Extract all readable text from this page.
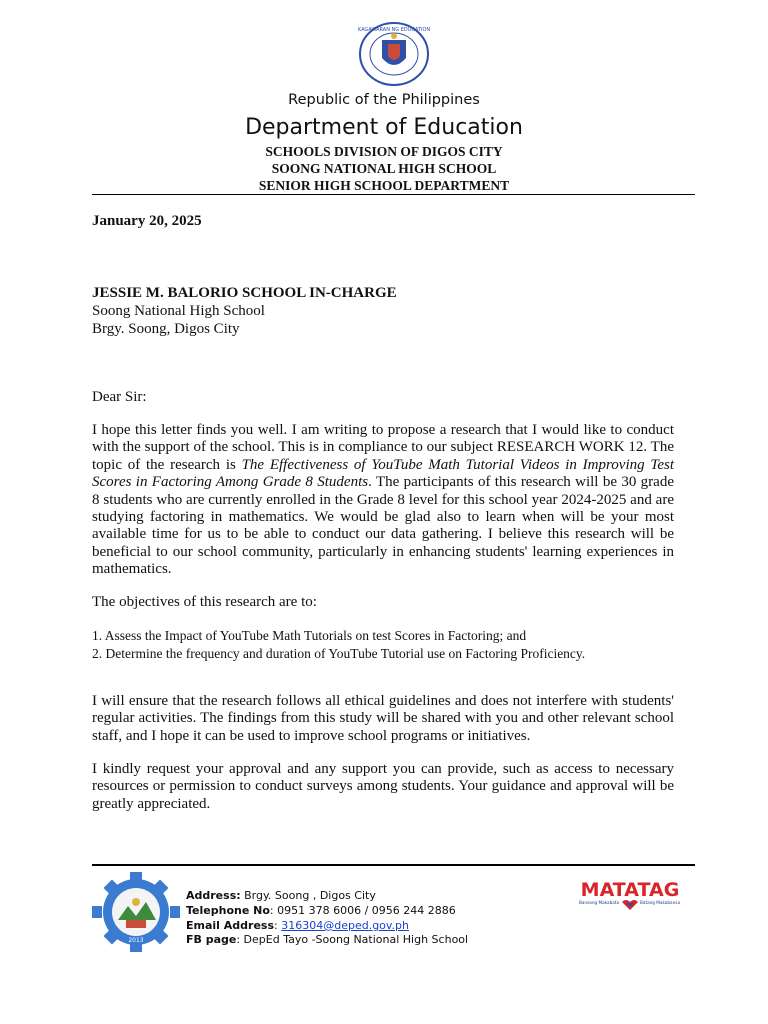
KAGAWARAN NG EDUCATION
Republic of the Philippines
Department of Education
SCHOOLS DIVISION OF DIGOS CITY
SOONG NATIONAL HIGH SCHOOL
SENIOR HIGH SCHOOL DEPARTMENT
January 20, 2025
JESSIE M. BALORIO SCHOOL IN-CHARGE
Soong National High School
Brgy. Soong, Digos City
Dear Sir:
I hope this letter finds you well. I am writing to propose a research that I would like to conduct with the support of the school. This is in compliance to our subject RESEARCH WORK 12. The topic of the research is The Effectiveness of YouTube Math Tutorial Videos in Improving Test Scores in Factoring Among Grade 8 Students. The participants of this research will be 30 grade 8 students who are currently enrolled in the Grade 8 level for this school year 2024-2025 and are studying factoring in mathematics. We would be glad also to learn when will be your most available time for us to be able to conduct our data gathering. I believe this research will be beneficial to our school community, particularly in enhancing students' learning experiences in mathematics.
The objectives of this research are to:
1. Assess the Impact of YouTube Math Tutorials on test Scores in Factoring; and
2. Determine the frequency and duration of YouTube Tutorial use on Factoring Proficiency.
I will ensure that the research follows all ethical guidelines and does not interfere with students' regular activities. The findings from this study will be shared with you and other relevant school staff, and I hope it can be used to improve school programs or initiatives.
I kindly request your approval and any support you can provide, such as access to necessary resources or permission to conduct surveys among students. Your guidance and approval will be greatly appreciated.
2013
Address: Brgy. Soong , Digos City
Telephone No: 0951 378 6006 / 0956 244 2886
Email Address: 316304@deped.gov.ph
FB page: DepEd Tayo -Soong National High School
MATATAG
Bansang Makabata	Batang Makabansa
